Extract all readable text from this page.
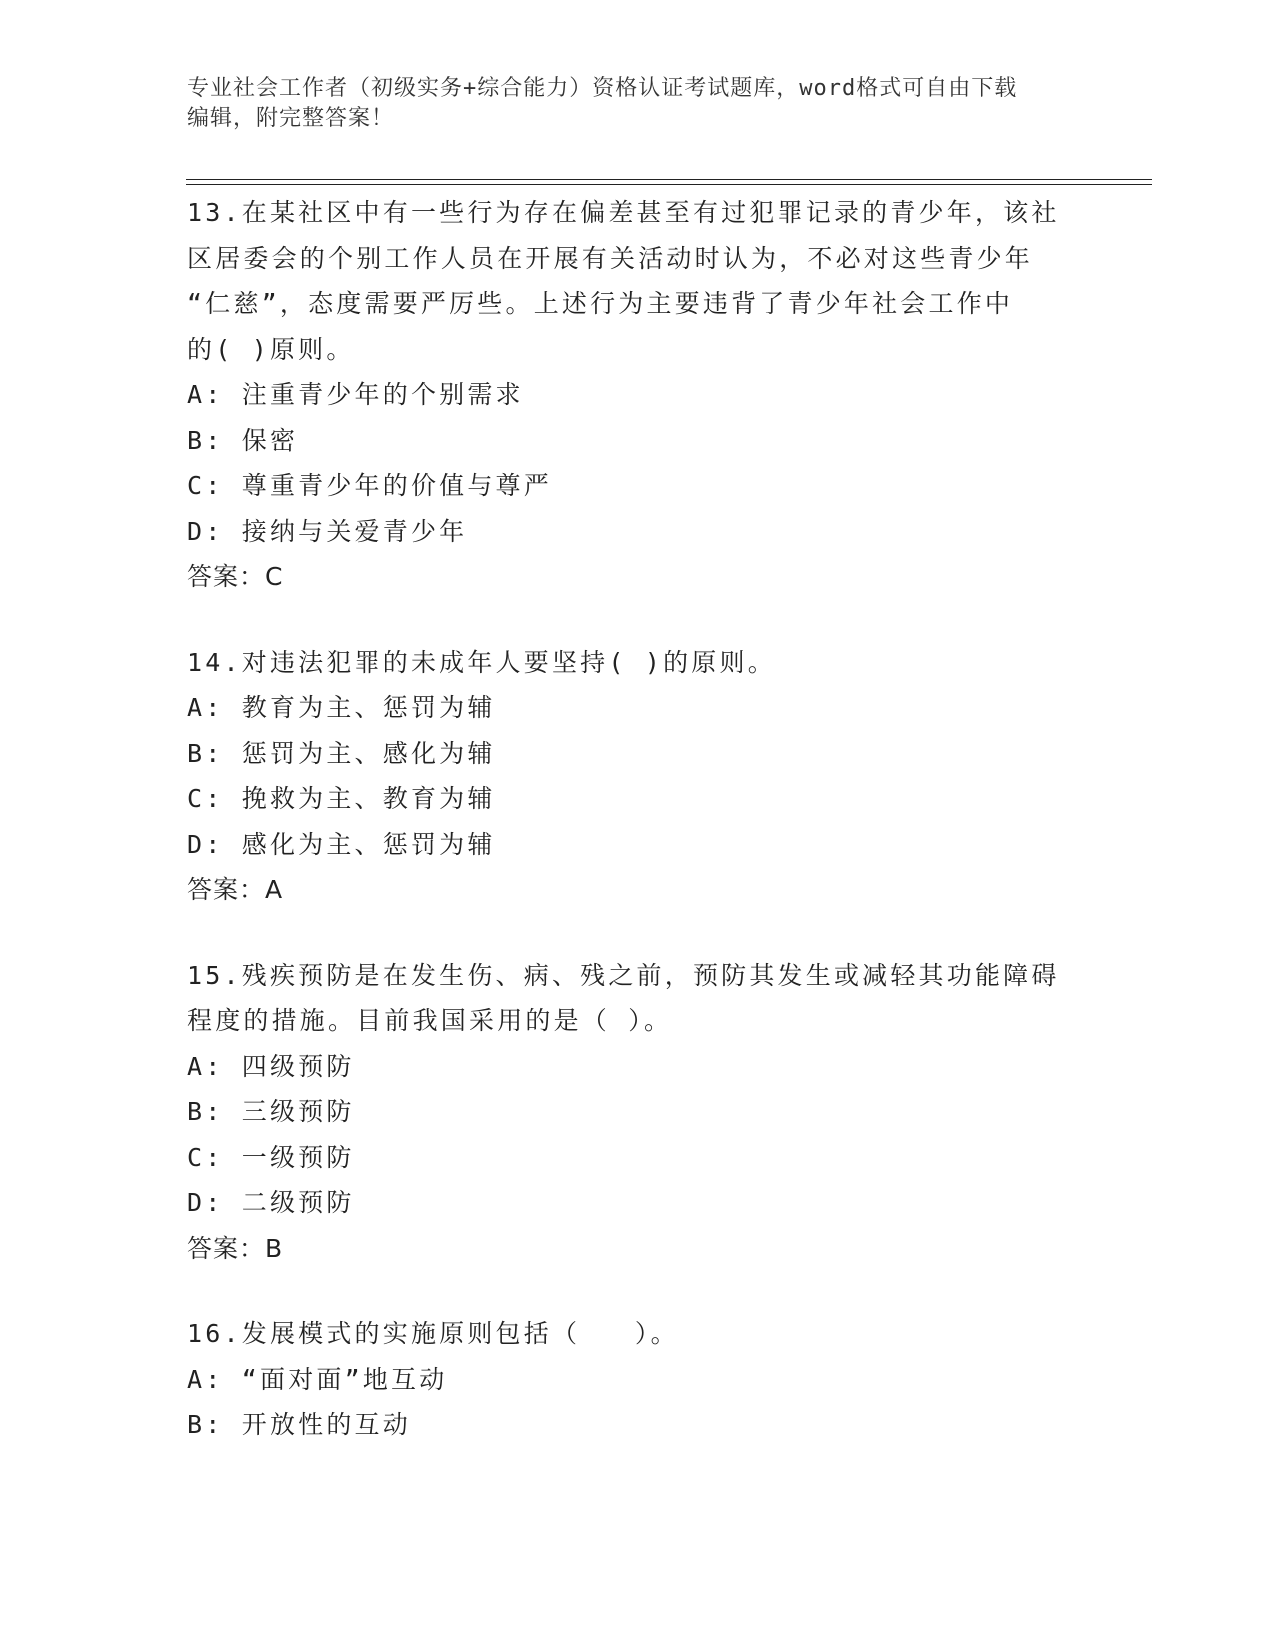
专业社会工作者（初级实务+综合能力）资格认证考试题库，word格式可自由下载
编辑，附完整答案！
13.在某社区中有一些行为存在偏差甚至有过犯罪记录的青少年，该社
区居委会的个别工作人员在开展有关活动时认为，不必对这些青少年
“仁慈”，态度需要严厉些。上述行为主要违背了青少年社会工作中
的( )原则。
A: 注重青少年的个别需求
B: 保密
C: 尊重青少年的价值与尊严
D: 接纳与关爱青少年
答案：C
14.对违法犯罪的未成年人要坚持( )的原则。
A: 教育为主、惩罚为辅
B: 惩罚为主、感化为辅
C: 挽救为主、教育为辅
D: 感化为主、惩罚为辅
答案：A
15.残疾预防是在发生伤、病、残之前，预防其发生或减轻其功能障碍
程度的措施。目前我国采用的是（ ）。
A: 四级预防
B: 三级预防
C: 一级预防
D: 二级预防
答案：B
16.发展模式的实施原则包括（   ）。
A: “面对面”地互动
B: 开放性的互动
